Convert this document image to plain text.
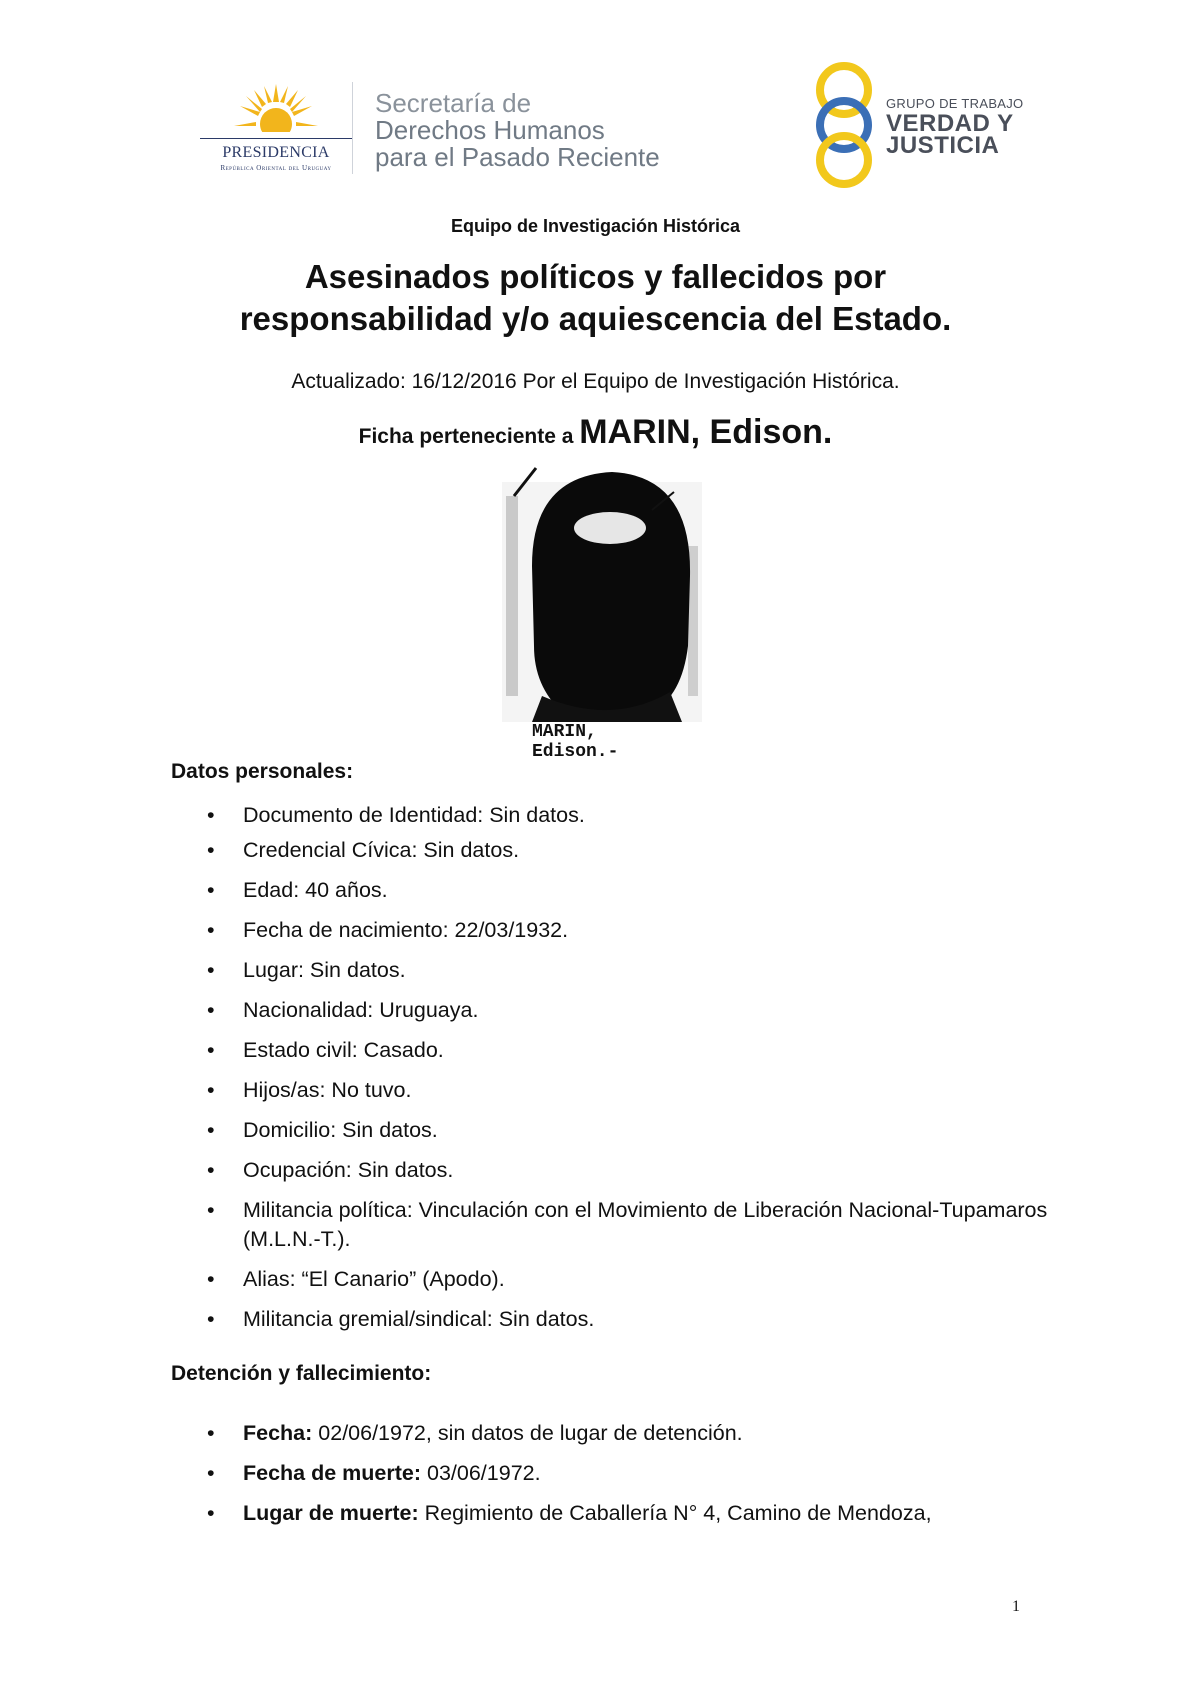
PRESIDENCIA
República Oriental del Uruguay
Secretaría de
Derechos Humanos
para el Pasado Reciente
GRUPO DE TRABAJO
VERDAD Y
JUSTICIA
Equipo de Investigación Histórica
Asesinados políticos y fallecidos por
responsabilidad y/o aquiescencia del Estado.
Actualizado: 16/12/2016 Por el Equipo de Investigación Histórica.
Ficha perteneciente a MARIN, Edison.
MARIN,
Edison.-
Datos personales:
• Documento de Identidad: Sin datos.
• Credencial Cívica: Sin datos.
• Edad: 40 años.
• Fecha de nacimiento: 22/03/1932.
• Lugar: Sin datos.
• Nacionalidad: Uruguaya.
• Estado civil: Casado.
• Hijos/as: No tuvo.
• Domicilio: Sin datos.
• Ocupación: Sin datos.
• Militancia política: Vinculación con el Movimiento de Liberación Nacional-Tupamaros (M.L.N.-T.).
• Alias: “El Canario” (Apodo).
• Militancia gremial/sindical: Sin datos.
Detención y fallecimiento:
• Fecha: 02/06/1972, sin datos de lugar de detención.
• Fecha de muerte: 03/06/1972.
• Lugar de muerte: Regimiento de Caballería N° 4, Camino de Mendoza,
1
